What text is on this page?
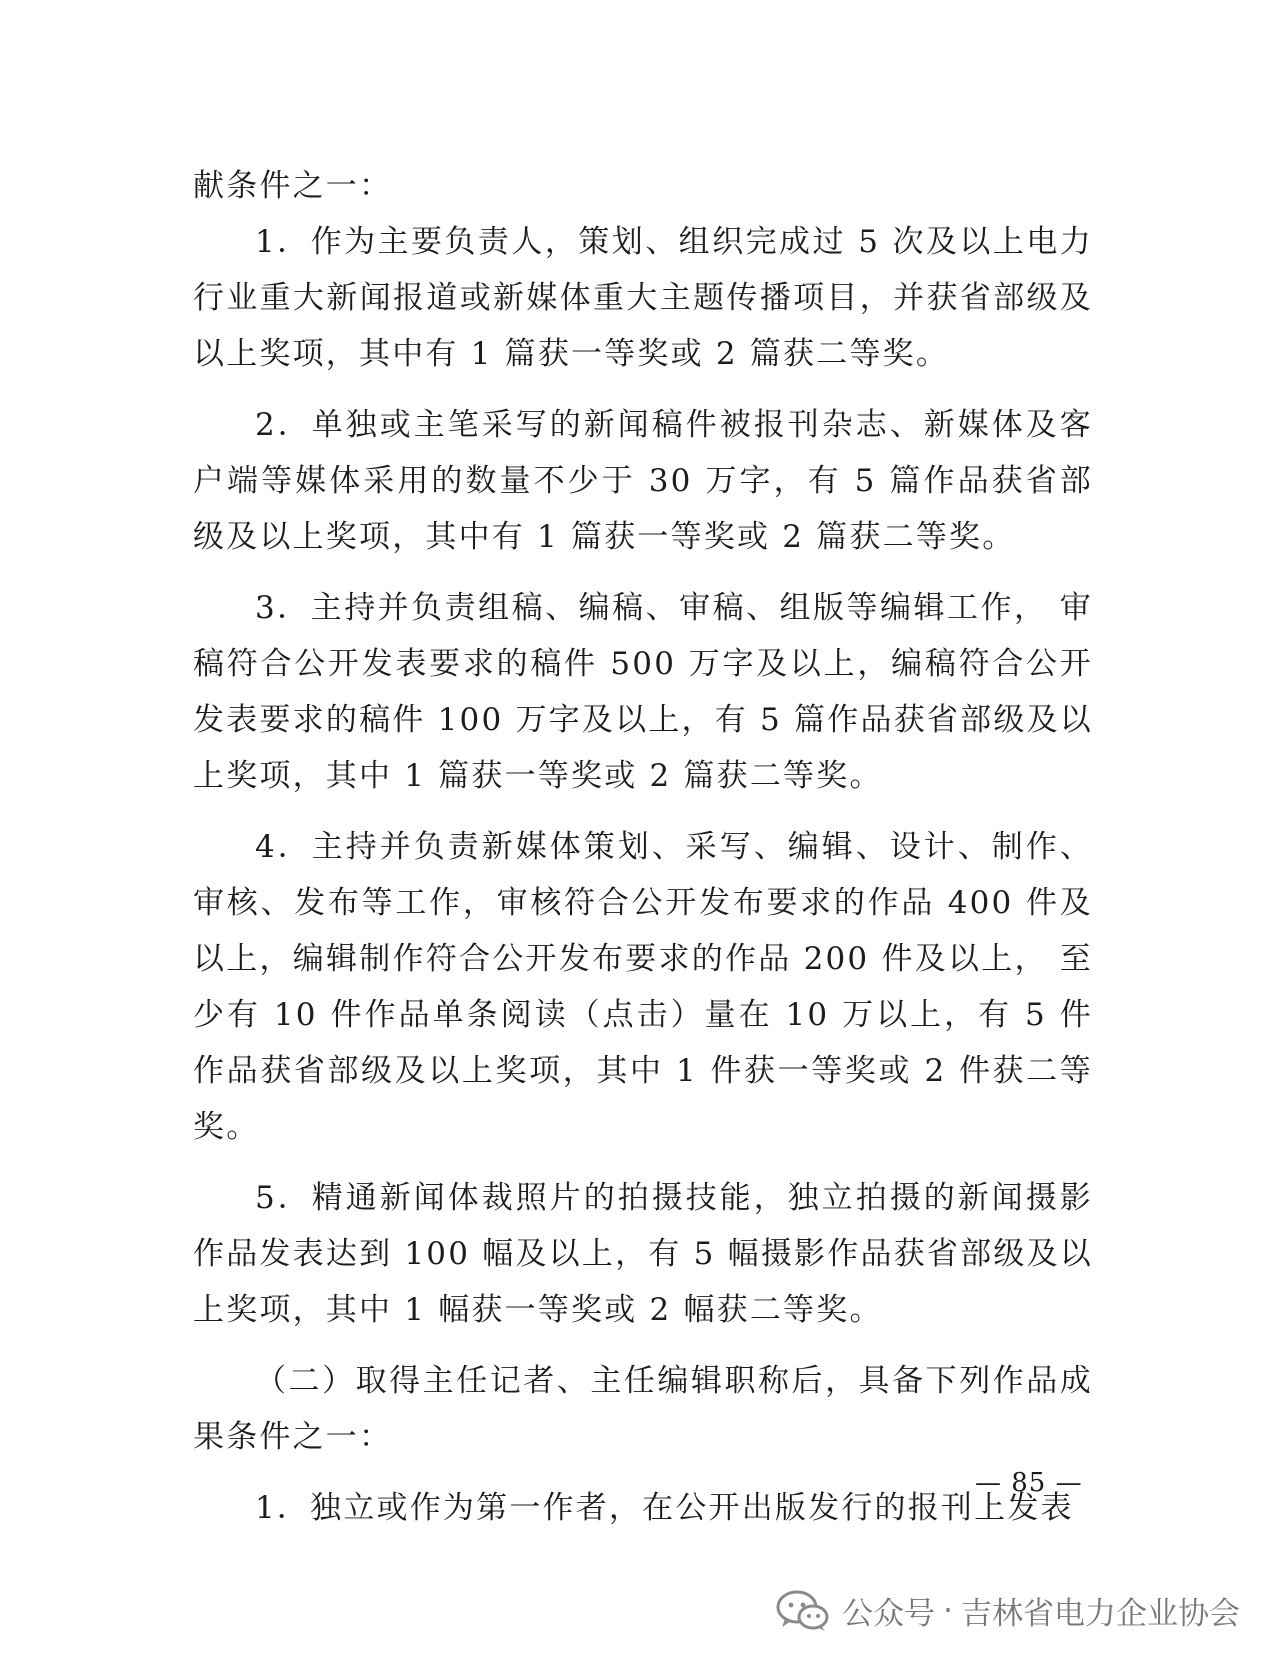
献条件之一：

1．作为主要负责人，策划、组织完成过 5 次及以上电力行业重大新闻报道或新媒体重大主题传播项目，并获省部级及以上奖项，其中有 1 篇获一等奖或 2 篇获二等奖。

2．单独或主笔采写的新闻稿件被报刊杂志、新媒体及客户端等媒体采用的数量不少于 30 万字，有 5 篇作品获省部级及以上奖项，其中有 1 篇获一等奖或 2 篇获二等奖。

3．主持并负责组稿、编稿、审稿、组版等编辑工作， 审稿符合公开发表要求的稿件 500 万字及以上，编稿符合公开发表要求的稿件 100 万字及以上，有 5 篇作品获省部级及以上奖项，其中 1 篇获一等奖或 2 篇获二等奖。

4．主持并负责新媒体策划、采写、编辑、设计、制作、审核、发布等工作，审核符合公开发布要求的作品 400 件及以上，编辑制作符合公开发布要求的作品 200 件及以上， 至少有 10 件作品单条阅读（点击）量在 10 万以上，有 5 件作品获省部级及以上奖项，其中 1 件获一等奖或 2 件获二等奖。

5．精通新闻体裁照片的拍摄技能，独立拍摄的新闻摄影作品发表达到 100 幅及以上，有 5 幅摄影作品获省部级及以上奖项，其中 1 幅获一等奖或 2 幅获二等奖。

（二）取得主任记者、主任编辑职称后，具备下列作品成果条件之一：

1．独立或作为第一作者，在公开出版发行的报刊上发表

— 85 —
公众号 · 吉林省电力企业协会
